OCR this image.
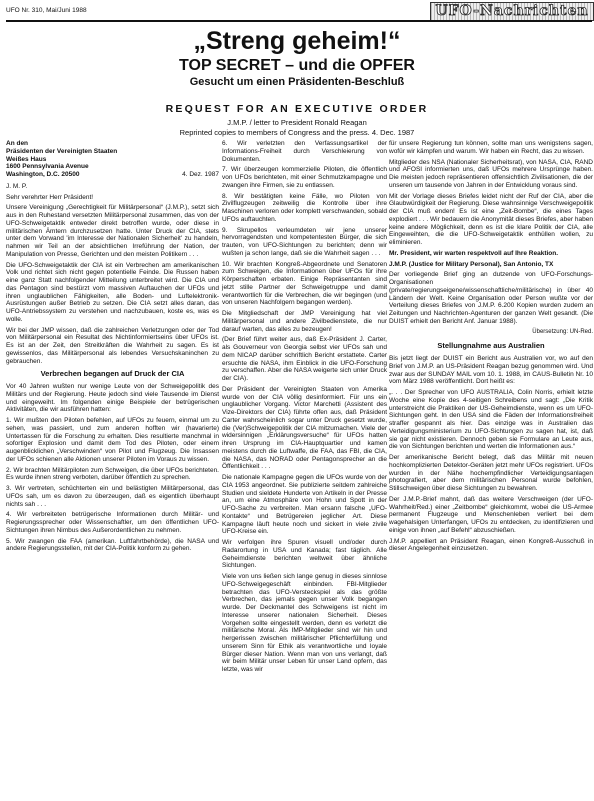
UFO Nr. 310, Mai/Juni 1988	UFO-Nachrichten
„Streng geheim!“
TOP SECRET – und die OPFER
Gesucht um einen Präsidenten-Beschluß
REQUEST FOR AN EXECUTIVE ORDER
J.M.P. / letter to President Ronald Reagan
Reprinted copies to members of Congress and the press. 4. Dec. 1987
An den
Präsidenten der Vereinigten Staaten
Weißes Haus
1600 Pennsylvania Avenue
Washington, D.C. 20500	4. Dez. 1987

J. M. P.

Sehr verehrter Herr Präsident!

Unsere Vereinigung „Gerechtigkeit für Militärpersonal“ (J.M.P.), setzt sich aus in den Ruhestand versetzten Militärpersonal zusammen, das von der UFO-Schweigetaktik entweder direkt betroffen wurde, oder diese in militärischen Ämtern durchzusetzen hatte. Unter Druck der CIA, stets unter dem Vorwand 'im Interesse der Nationalen Sicherheit' zu handeln, nahmen wir Teil an der absichtlichen Irreführung der Nation, der Manipulation von Presse, Gerichten und den meisten Politikern . . .

Die UFO-Schweigetaktik der CIA ist ein Verbrechen am amerikanischen Volk und richtet sich nicht gegen potentielle Feinde. Die Russen haben eine ganz Statt nachfolgender Mitteilung unterbreitet wird. Die CIA und das Pentagon sind bestürzt vom massiven Auftauchen der UFOs und ihren unglaublichen Fähigkeiten, alle Boden- und Luftelektronik-Ausrüstungen außer Betrieb zu setzen. Die CIA setzt alles daran, das UFO-Antriebssystem zu verstehen und nachzubauen, koste es, was es wolle.

Wir bei der JMP wissen, daß die zahlreichen Verletzungen oder der Tod von Militärpersonal ein Resultat des Nichtinformiertseins über UFOs ist. Es ist an der Zeit, den Streitkräften die Wahrheit zu sagen. Es ist gewissenlos, das Militärpersonal als lebendes Versuchskaninchen zu gebrauchen.

Verbrechen begangen auf Druck der CIA

Vor 40 Jahren wußten nur wenige Leute von der Schweigepolitik des Militärs und der Regierung. Heute jedoch sind viele Tausende im Dienst und eingeweiht. Im folgenden einige Beispiele der betrügerischen Aktivitäten, die wir ausführen hatten:

1. Wir mußten den Piloten befehlen, auf UFOs zu feuern, einmal um zu sehen, was passiert, und zum anderen hofften wir (havarierte) Untertassen für die Forschung zu erhalten. Dies resultierte manchmal in sofortiger Explosion und damit dem Tod des Piloten, oder einem augenblicklichen „Verschwinden“ von Pilot und Flugzeug. Die Insassen der UFOs schienen alle Aktionen unserer Piloten im Voraus zu wissen.

2. Wir brachten Militärpiloten zum Schweigen, die über UFOs berichteten. Es wurde ihnen streng verboten, darüber öffentlich zu sprechen.

3. Wir vertreten, schüchterten ein und belästigten Militärpersonal, das UFOs sah, um es davon zu überzeugen, daß es eigentlich überhaupt nichts sah . . .

4. Wir verbreiteten betrügerische Informationen durch Militär- und Regierungssprecher oder Wissenschaftler, um den öffentlichen UFO-Sichtungen ihren Nimbus des Außerordentlichen zu nehmen.

5. Wir zwangen die FAA (amerikan. Luftfahrtbehörde), die NASA und andere Regierungsstellen, mit der CIA-Politik konform zu gehen.

6. Wir verletzten den Verfassungsartikel der Informations-Freiheit durch Verschleierung von Dokumenten.

7. Wir überzeugen kommerzielle Piloten, die öffentlich von UFOs berichteten, mit einer Schmutzkampagne und zwangen ihre Firmen, sie zu entlassen.

8. Wir bestätigten keine Fälle, wo Piloten von Zivilflugzeugen zeitweilig die Kontrolle über ihre Maschinen verloren oder komplett verschwanden, sobald UFOs auftauchten.

9. Skrupellos verleumdeten wir jene unserer hervorragendsten und kompetentesten Bürger, die sich trauten, von UFO-Sichtungen zu berichten; denn wir wußten ja schon lange, daß sie die Wahrheit sagen . . .

10. Wir brachten Kongreß-Abgeordnete und Senatoren zum Schweigen, die Informationen über UFOs für ihre Körperschaften erbaten. Einige Repräsentanten sind jetzt stille Partner der Schweigetruppe und damit verantwortlich für die Verbrechen, die wir begingen (und von unseren Nachfolgern begangen werden).

Die Mitgliedschaft der JMP Vereinigung hat viel Militärpersonal und andere Zivilbedienstete, die nur darauf warten, das alles zu bezeugen!

(Der Brief führt weiter aus, daß Ex-Präsident J. Carter, als Gouverneur von Georgia selbst vier UFOs sah und dem NICAP darüber schriftlich Bericht erstattete. Carter ersuchte die NASA, ihm Einblick in die UFO-Forschung zu verschaffen. Aber die NASA weigerte sich unter Druck der CIA).

Der Präsident der Vereinigten Staaten von Amerika wurde von der CIA völlig desinformiert. Für uns ein unglaublicher Vorgang. Victor Marchetti (Assistent des Vize-Direktors der CIA) führte offen aus, daß Präsident Carter wahrscheinlich sogar unter Druck gesetzt wurde, die (Ver)Schweigepolitik der CIA mitzumachen. Viele der widersinnigen „Erklärungsversuche“ für UFOs hatten ihren Ursprung im CIA-Hauptquartier und kamen meistens durch die Luftwaffe, die FAA, das FBI, die CIA, die NASA, das NORAD oder Pentagonsprecher an die Öffentlichkeit . . .

Die nationale Kampagne gegen die UFOs wurde von der CIA 1953 angeordnet. Sie publizierte seitdem zahlreiche Studien und sieldete Hunderte von Artikeln in der Presse an, um eine Atmosphäre von Hohn und Spott in der UFO-Sache zu verbreiten. Man ersann falsche „UFO-Kontakte“ und Betrügereien jeglicher Art. Diese Kampagne läuft heute noch und sickert in viele zivile UFO-Kreise ein.

Wir verfolgen ihre Spuren visuell und/oder durch Radarortung in USA und Kanada; fast täglich. Alle Geheimdienste berichten weltweit über ähnliche Sichtungen.

Viele von uns ließen sich lange genug in dieses sinnlose UFO-Schweigegeschäft einbinden. FBI-Mitglieder betrachten das UFO-Versteckspiel als das größte Verbrechen, das jemals gegen unser Volk begangen wurde. Der Deckmantel des Schweigens ist nicht im Interesse unserer nationalen Sicherheit. Dieses Vorgehen sollte eingestellt werden, denn es verletzt die militärische Moral. Als IMP-Mitglieder sind wir hin und hergerissen zwischen militärischer Pflichterfüllung und unserem Sinn für Ethik als verantwortliche und loyale Bürger dieser Nation. Wenn man von uns verlangt, daß wir beim Militär unser Leben für unser Land opfern, das letzte, was wir

für unsere Regierung tun können, sollte man uns wenigstens sagen, wofür wir kämpfen und warum. Wir haben ein Recht, das zu wissen.

Mitglieder des NSA (Nationaler Sicherheitsrat), von NASA, CIA, RAND und AFOSI informierten uns, daß UFOs mehrere Ursprünge haben. Die meisten jedoch repräsentieren offensichtlich Zivilisationen, die der unseren um tausende von Jahren in der Entwicklung voraus sind.

Mit der Vorlage dieses Briefes leidet nicht der Ruf der CIA, aber die Glaubwürdigkeit der Regierung. Diese wahnsinnige Verschweigepolitik der CIA muß enden! Es ist eine „Zeit-Bombe“, die eines Tages explodiert . . . Wir bedauern die Anonymität dieses Briefes, aber haben keine andere Möglichkeit, denn es ist die klare Politik der CIA, alle Eingeweihten, die die UFO-Schweigetaktik enthüllen wollen, zu eliminieren.

Mr. President, wir warten respektvoll auf Ihre Reaktion.

J.M.P. (Justice for Military Personal), San Antonio, TX

Der vorliegende Brief ging an dutzende von UFO-Forschungs-Organisationen (private/regierungseigene/wissenschaftliche/militärische) in über 40 Ländern der Welt. Keine Organisation oder Person wußte vor der Verteilung dieses Briefes von J.M.P. 6.200 Kopien wurden zudem an Zeitungen und Nachrichten-Agenturen der ganzen Welt gesandt. (Die DUIST erhielt den Bericht Anf. Januar 1988).

Übersetzung: UN-Red.
Stellungnahme aus Australien

Bis jetzt liegt der DUIST ein Bericht aus Australien vor, wo auf den Brief von J.M.P. an US-Präsident Reagan bezug genommen wird. Und zwar aus der SUNDAY MAIL vom 10. 1. 1988, im CAUS-Bulletin Nr. 10 vom März 1988 veröffentlicht. Dort heißt es:

„. . . Der Sprecher von UFO AUSTRALIA, Colin Norris, erhielt letzte Woche eine Kopie des 4-seitigen Schreibens und sagt: „Die Kritik unterstreicht die Praktiken der US-Geheimdienste, wenn es um UFO-Sichtungen geht. In den USA sind die Fäden der Informationsfreiheit straffer gespannt als hier. Das einzige was in Australien das Verteidigungsministerium zu UFO-Sichtungen zu sagen hat, ist, daß sie gar nicht existieren. Dennoch geben sie Formulare an Leute aus, die von Sichtungen berichten und werten die Informationen aus.“

Der amerikanische Bericht belegt, daß das Militär mit neuen hochkomplizierten Detektor-Geräten jetzt mehr UFOs registriert. UFOs wurden in der Nähe hochempfindlicher Verteidigungsanlagen photografiert, aber dem militärischen Personal wurde befohlen, Stillschweigen über diese Sichtungen zu bewahren.

Der J.M.P.-Brief mahnt, daß das weitere Verschweigen (der UFO-Wahrheit/Red.) einer „Zeitbombe“ gleichkommt, wobei die US-Armee permanent Flugzeuge und Menschenleben verliert bei dem wagehalsigen Unterfangen, UFOs zu entdecken, zu identifizieren und einige von ihnen „auf Befehl“ abzuschießen.

J.M.P. appelliert an Präsident Reagan, einen Kongreß-Ausschuß in dieser Angelegenheit einzusetzen.
